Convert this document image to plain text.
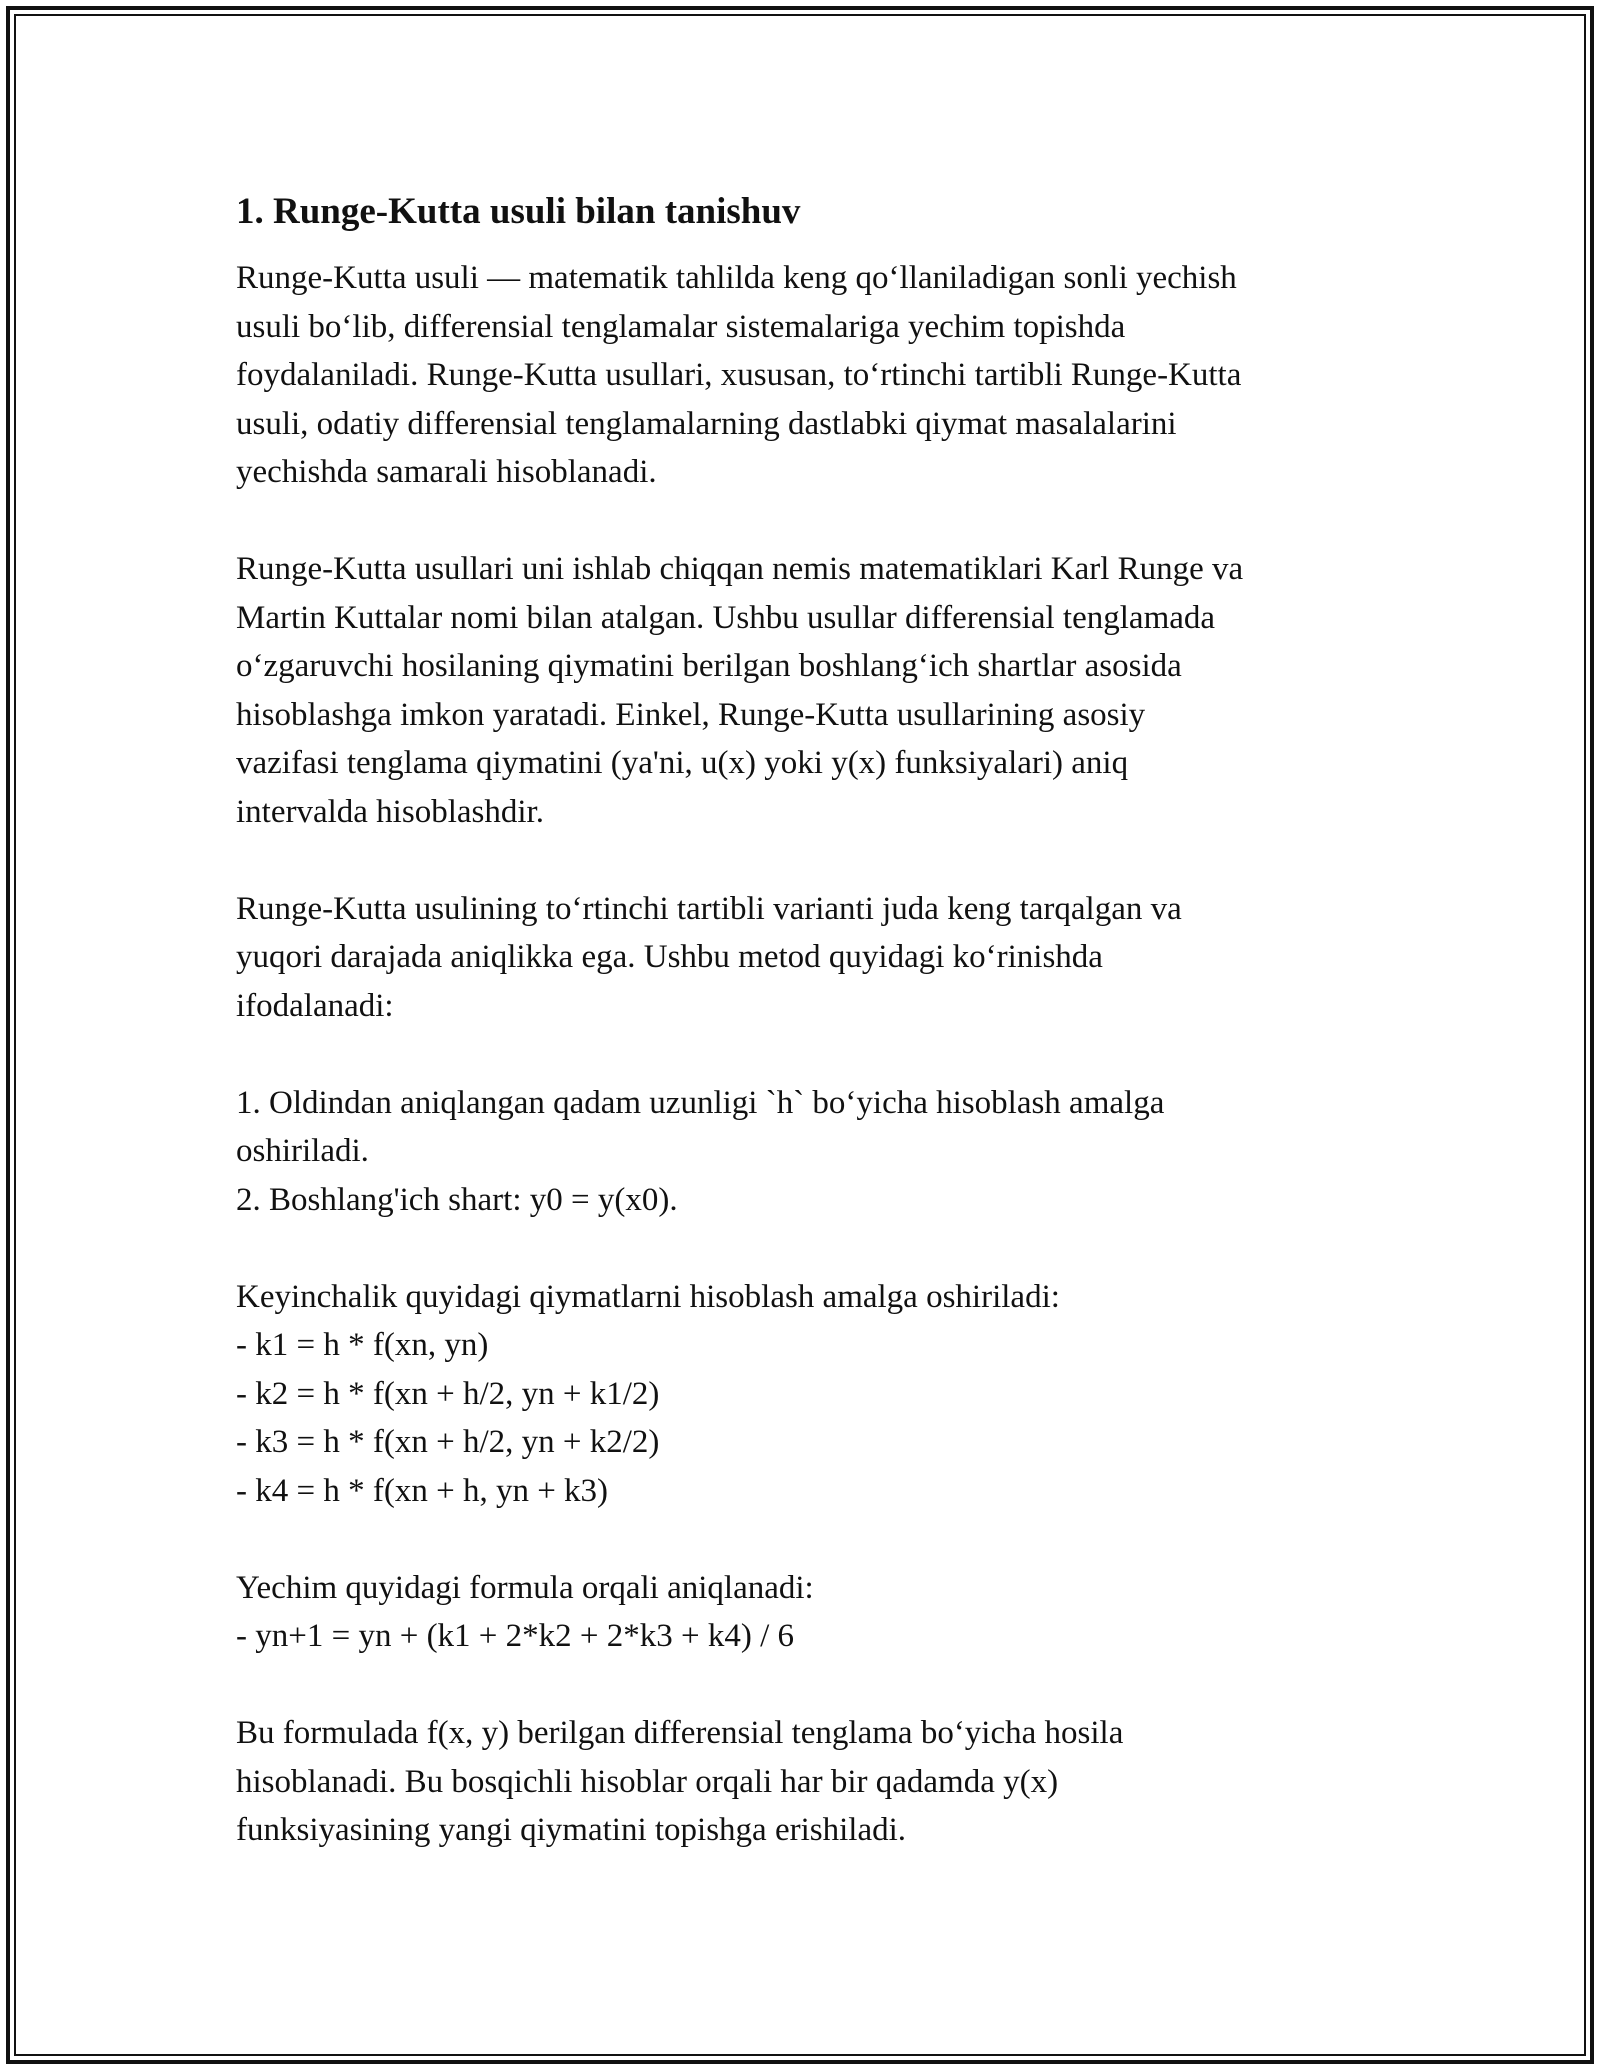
1. Runge-Kutta usuli bilan tanishuv

Runge-Kutta usuli — matematik tahlilda keng qo‘llaniladigan sonli yechish
usuli bo‘lib, differensial tenglamalar sistemalariga yechim topishda
foydalaniladi. Runge-Kutta usullari, xususan, to‘rtinchi tartibli Runge-Kutta
usuli, odatiy differensial tenglamalarning dastlabki qiymat masalalarini
yechishda samarali hisoblanadi.

Runge-Kutta usullari uni ishlab chiqqan nemis matematiklari Karl Runge va
Martin Kuttalar nomi bilan atalgan. Ushbu usullar differensial tenglamada
o‘zgaruvchi hosilaning qiymatini berilgan boshlang‘ich shartlar asosida
hisoblashga imkon yaratadi. Einkel, Runge-Kutta usullarining asosiy
vazifasi tenglama qiymatini (ya'ni, u(x) yoki y(x) funksiyalari) aniq
intervalda hisoblashdir.

Runge-Kutta usulining to‘rtinchi tartibli varianti juda keng tarqalgan va
yuqori darajada aniqlikka ega. Ushbu metod quyidagi ko‘rinishda
ifodalanadi:

1. Oldindan aniqlangan qadam uzunligi `h` bo‘yicha hisoblash amalga
oshiriladi.

2. Boshlang'ich shart: y0 = y(x0).

Keyinchalik quyidagi qiymatlarni hisoblash amalga oshiriladi:

- k1 = h * f(xn, yn)

- k2 = h * f(xn + h/2, yn + k1/2)

- k3 = h * f(xn + h/2, yn + k2/2)

- k4 = h * f(xn + h, yn + k3)

Yechim quyidagi formula orqali aniqlanadi:

- yn+1 = yn + (k1 + 2*k2 + 2*k3 + k4) / 6

Bu formulada f(x, y) berilgan differensial tenglama bo‘yicha hosila
hisoblanadi. Bu bosqichli hisoblar orqali har bir qadamda y(x)
funksiyasining yangi qiymatini topishga erishiladi.
